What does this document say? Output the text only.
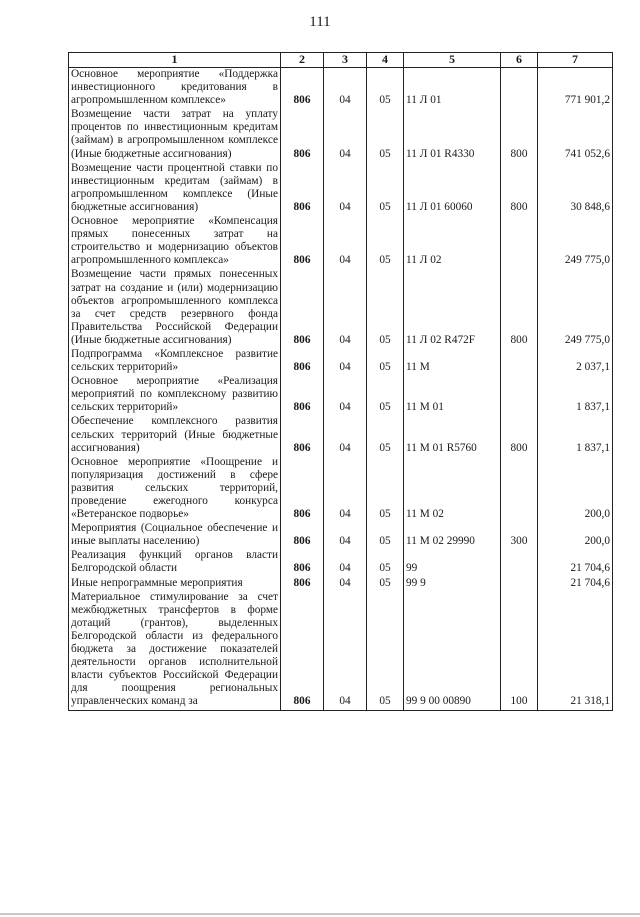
111
1	2	3	4	5	6	7
Основное мероприятие «Поддержка инвестиционного кредитования в агропромышленном комплексе»	806	04	05	11 Л 01		771 901,2
Возмещение части затрат на уплату процентов по инвестиционным кредитам (займам) в агропромышленном комплексе (Иные бюджетные ассигнования)	806	04	05	11 Л 01 R4330	800	741 052,6
Возмещение части процентной ставки по инвестиционным кредитам (займам) в агропромышленном комплексе (Иные бюджетные ассигнования)	806	04	05	11 Л 01 60060	800	30 848,6
Основное мероприятие «Компенсация прямых понесенных затрат на строительство и модернизацию объектов агропромышленного комплекса»	806	04	05	11 Л 02		249 775,0
Возмещение части прямых понесенных затрат на создание и (или) модернизацию объектов агропромышленного комплекса за счет средств резервного фонда Правительства Российской Федерации (Иные бюджетные ассигнования)	806	04	05	11 Л 02 R472F	800	249 775,0
Подпрограмма «Комплексное развитие сельских территорий»	806	04	05	11 М		2 037,1
Основное мероприятие «Реализация мероприятий по комплексному развитию сельских территорий»	806	04	05	11 М 01		1 837,1
Обеспечение комплексного развития сельских территорий (Иные бюджетные ассигнования)	806	04	05	11 М 01 R5760	800	1 837,1
Основное мероприятие «Поощрение и популяризация достижений в сфере развития сельских территорий, проведение ежегодного конкурса «Ветеранское подворье»	806	04	05	11 М 02		200,0
Мероприятия (Социальное обеспечение и иные выплаты населению)	806	04	05	11 М 02 29990	300	200,0
Реализация функций органов власти Белгородской области	806	04	05	99		21 704,6
Иные непрограммные мероприятия	806	04	05	99 9		21 704,6
Материальное стимулирование за счет межбюджетных трансфертов в форме дотаций (грантов), выделенных Белгородской области из федерального бюджета за достижение показателей деятельности органов исполнительной власти субъектов Российской Федерации для поощрения региональных управленческих команд за	806	04	05	99 9 00 00890	100	21 318,1
